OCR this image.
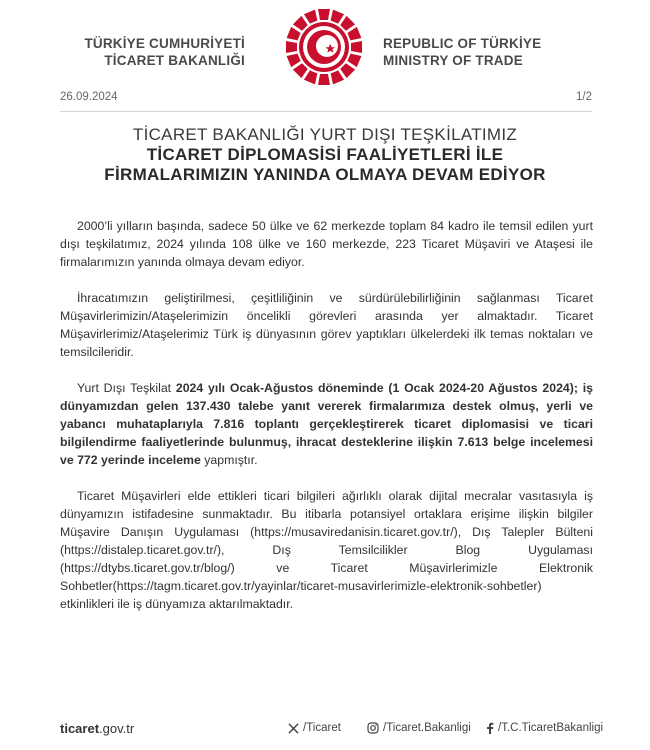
TÜRKİYE CUMHURİYETİ
TİCARET BAKANLIĞI
REPUBLIC OF TÜRKİYE
MINISTRY OF TRADE
26.09.2024	1/2
TİCARET BAKANLIĞI YURT DIŞI TEŞKİLATIMIZ
TİCARET DİPLOMASİSİ FAALİYETLERİ İLE
FİRMALARIMIZIN YANINDA OLMAYA DEVAM EDİYOR

2000’li yılların başında, sadece 50 ülke ve 62 merkezde toplam 84 kadro ile temsil edilen yurt dışı teşkilatımız, 2024 yılında 108 ülke ve 160 merkezde, 223 Ticaret Müşaviri ve Ataşesi ile firmalarımızın yanında olmaya devam ediyor.

İhracatımızın geliştirilmesi, çeşitliliğinin ve sürdürülebilirliğinin sağlanması Ticaret Müşavirlerimizin/Ataşelerimizin öncelikli görevleri arasında yer almaktadır. Ticaret Müşavirlerimiz/Ataşelerimiz Türk iş dünyasının görev yaptıkları ülkelerdeki ilk temas noktaları ve temsilcileridir.

Yurt Dışı Teşkilat 2024 yılı Ocak-Ağustos döneminde (1 Ocak 2024-20 Ağustos 2024); iş dünyamızdan gelen 137.430 talebe yanıt vererek firmalarımıza destek olmuş, yerli ve yabancı muhataplarıyla 7.816 toplantı gerçekleştirerek ticaret diplomasisi ve ticari bilgilendirme faaliyetlerinde bulunmuş, ihracat desteklerine ilişkin 7.613 belge incelemesi ve 772 yerinde inceleme yapmıştır.

Ticaret Müşavirleri elde ettikleri ticari bilgileri ağırlıklı olarak dijital mecralar vasıtasıyla iş dünyamızın istifadesine sunmaktadır. Bu itibarla potansiyel ortaklara erişime ilişkin bilgiler Müşavire Danışın Uygulaması (https://musaviredanisin.ticaret.gov.tr/), Dış Talepler Bülteni (https://distalep.ticaret.gov.tr/), Dış Temsilcilikler Blog Uygulaması (https://dtybs.ticaret.gov.tr/blog/) ve Ticaret Müşavirlerimizle Elektronik Sohbetler(https://tagm.ticaret.gov.tr/yayinlar/ticaret-musavirlerimizle-elektronik-sohbetler) etkinlikleri ile iş dünyamıza aktarılmaktadır.

ticaret.gov.tr	/Ticaret	/Ticaret.Bakanligi /T.C.TicaretBakanligi
